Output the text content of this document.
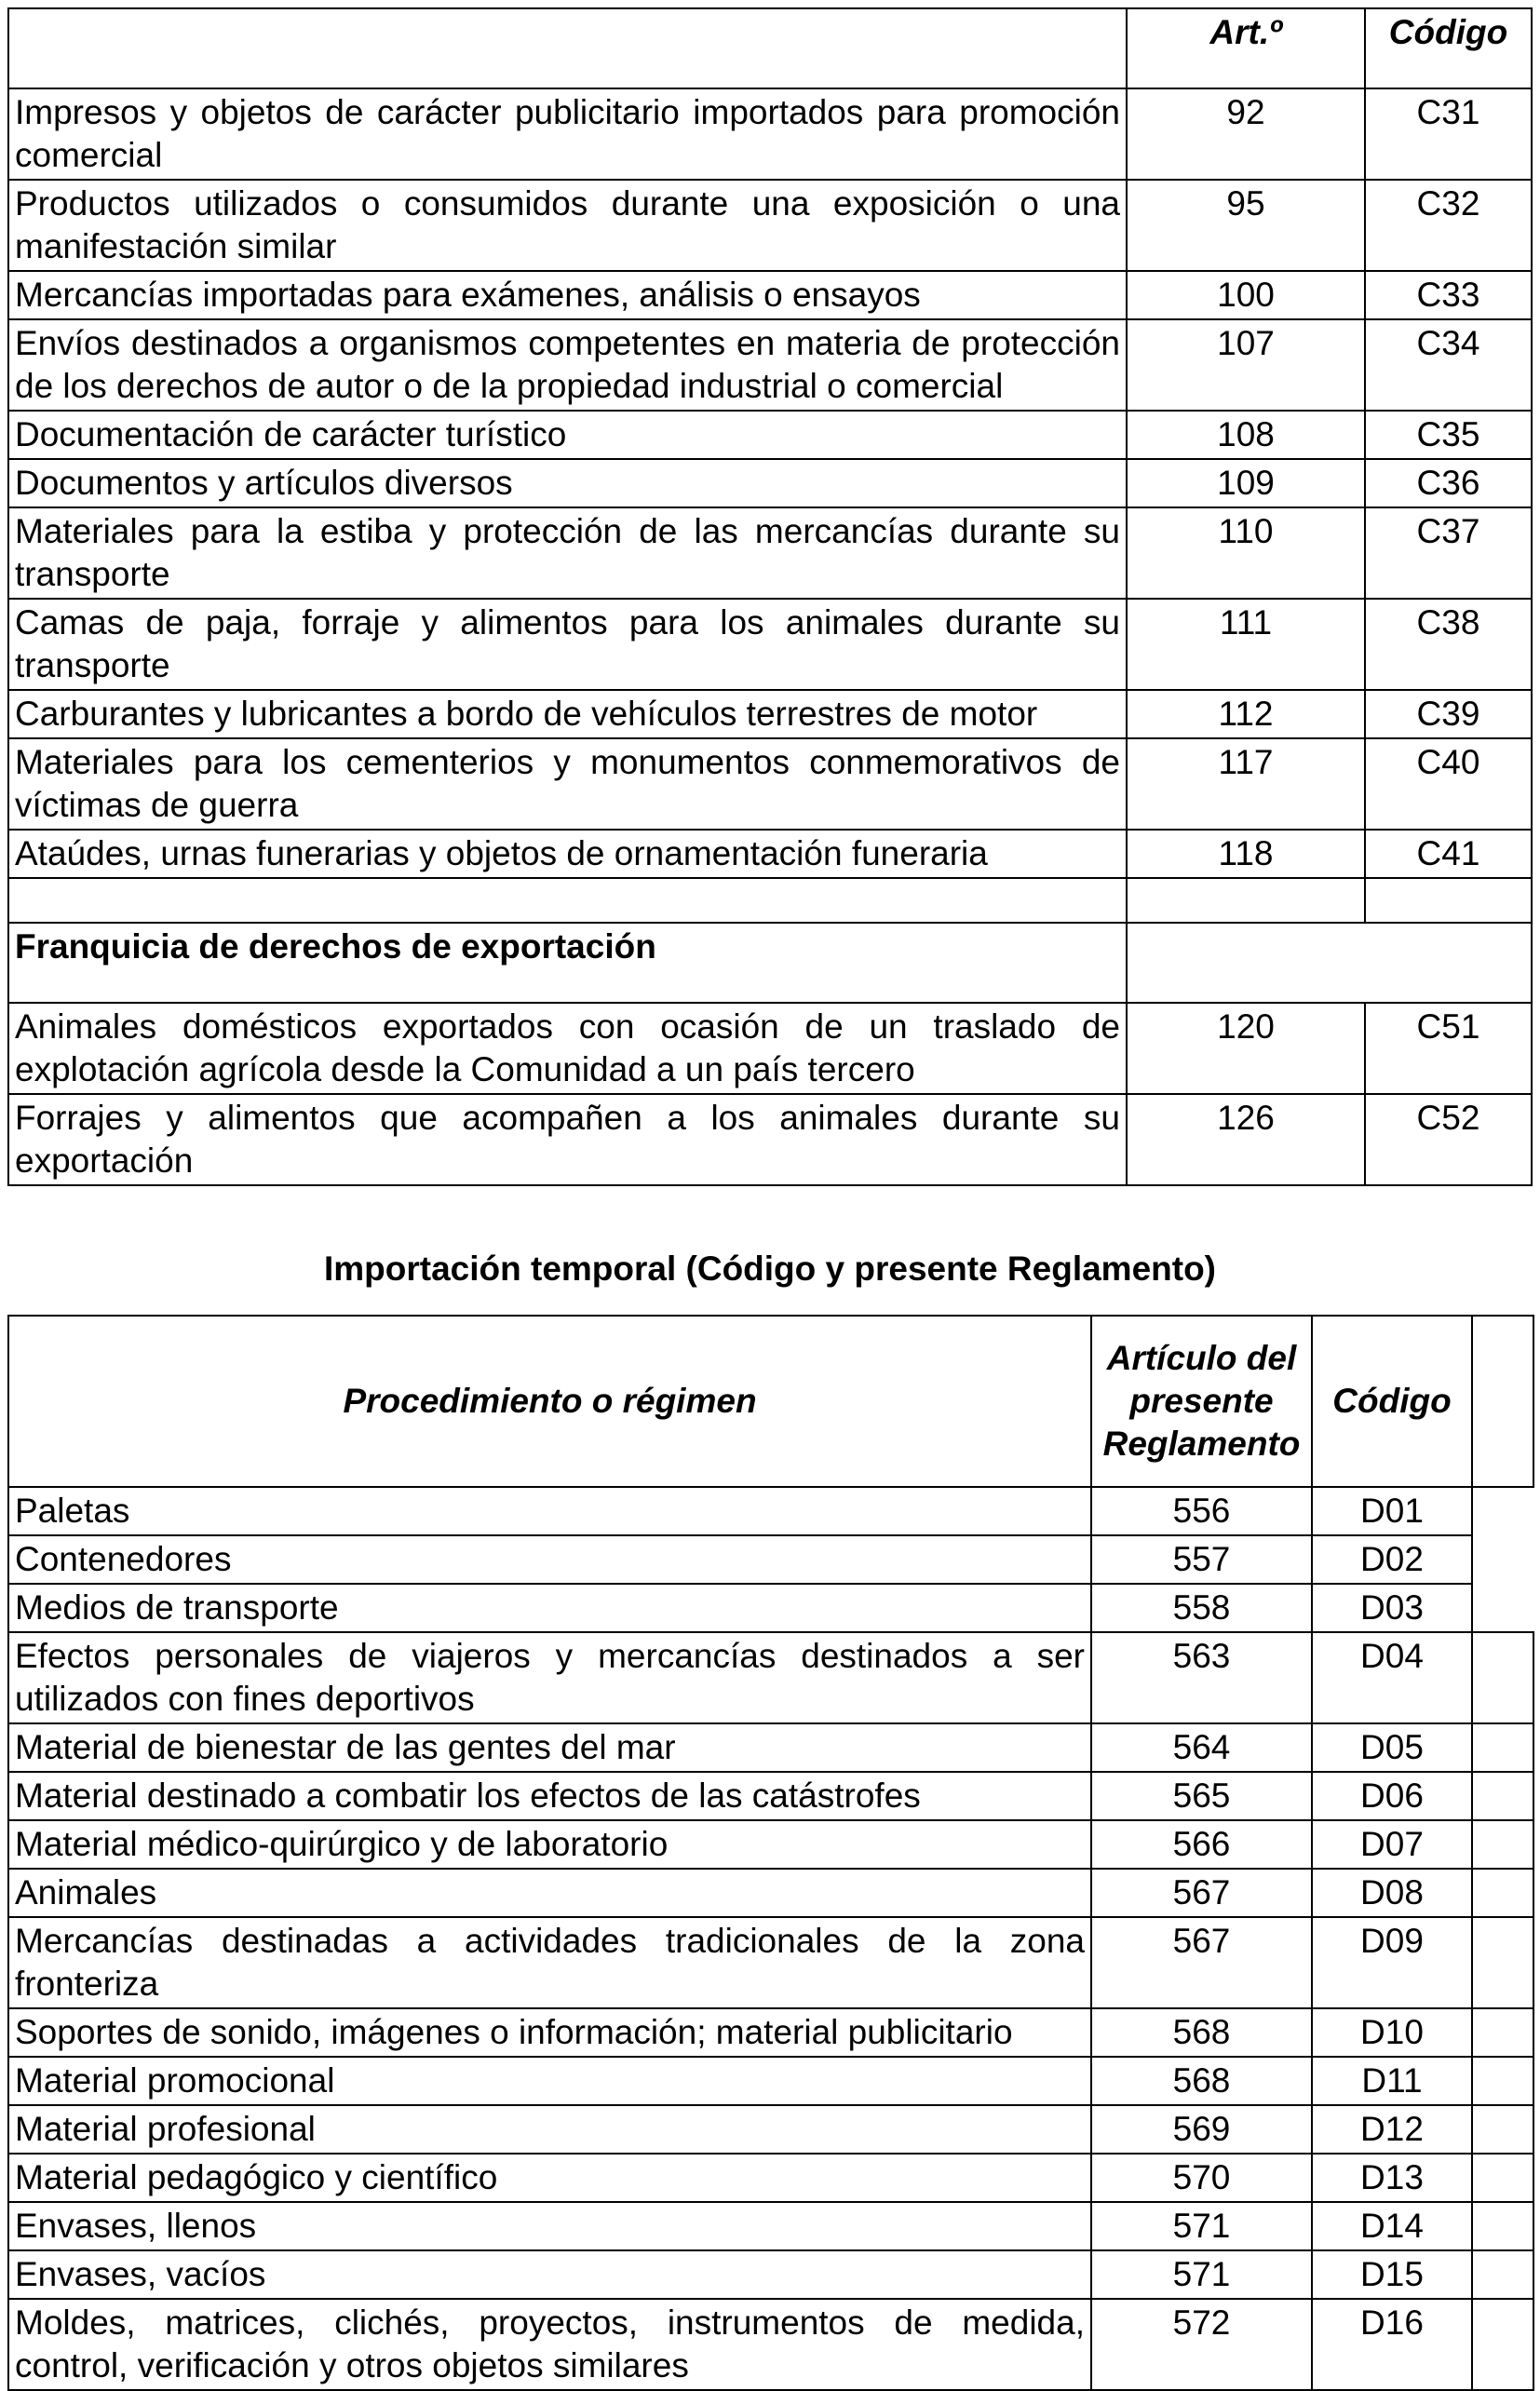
	Art.º	Código
Impresos y objetos de carácter publicitario importados para promoción comercial	92	C31
Productos utilizados o consumidos durante una exposición o una manifestación similar	95	C32
Mercancías importadas para exámenes, análisis o ensayos	100	C33
Envíos destinados a organismos competentes en materia de protección de los derechos de autor o de la propiedad industrial o comercial	107	C34
Documentación de carácter turístico	108	C35
Documentos y artículos diversos	109	C36
Materiales para la estiba y protección de las mercancías durante su transporte	110	C37
Camas de paja, forraje y alimentos para los animales durante su transporte	111	C38
Carburantes y lubricantes a bordo de vehículos terrestres de motor	112	C39
Materiales para los cementerios y monumentos conmemorativos de víctimas de guerra	117	C40
Ataúdes, urnas funerarias y objetos de ornamentación funeraria	118	C41

Franquicia de derechos de exportación		
Animales domésticos exportados con ocasión de un traslado de explotación agrícola desde la Comunidad a un país tercero	120	C51
Forrajes y alimentos que acompañen a los animales durante su exportación	126	C52
Importación temporal (Código y presente Reglamento)
Procedimiento o régimen	Artículo del presente Reglamento	Código	
Paletas	556	D01	
Contenedores	557	D02	
Medios de transporte	558	D03	
Efectos personales de viajeros y mercancías destinados a ser utilizados con fines deportivos	563	D04	
Material de bienestar de las gentes del mar	564	D05	
Material destinado a combatir los efectos de las catástrofes	565	D06	
Material médico-quirúrgico y de laboratorio	566	D07	
Animales	567	D08	
Mercancías destinadas a actividades tradicionales de la zona fronteriza	567	D09	
Soportes de sonido, imágenes o información; material publicitario	568	D10	
Material promocional	568	D11	
Material profesional	569	D12	
Material pedagógico y científico	570	D13	
Envases, llenos	571	D14	
Envases, vacíos	571	D15	
Moldes, matrices, clichés, proyectos, instrumentos de medida, control, verificación y otros objetos similares	572	D16	
